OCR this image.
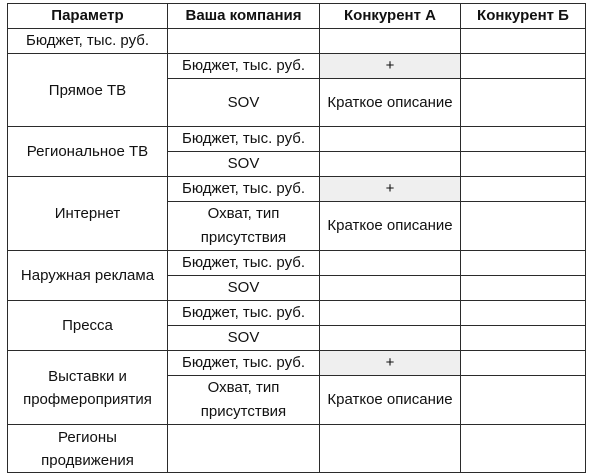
Параметр	Ваша компания	Конкурент А	Конкурент Б
Бюджет, тыс. руб.			
Прямое ТВ	Бюджет, тыс. руб.	+	
	SOV	Краткое описание	
Региональное ТВ	Бюджет, тыс. руб.		
	SOV		
Интернет	Бюджет, тыс. руб.	+	
	Охват, тип присутствия	Краткое описание	
Наружная реклама	Бюджет, тыс. руб.		
	SOV		
Пресса	Бюджет, тыс. руб.		
	SOV		
Выставки и профмероприятия	Бюджет, тыс. руб.	+	
	Охват, тип присутствия	Краткое описание	
Регионы продвижения			
